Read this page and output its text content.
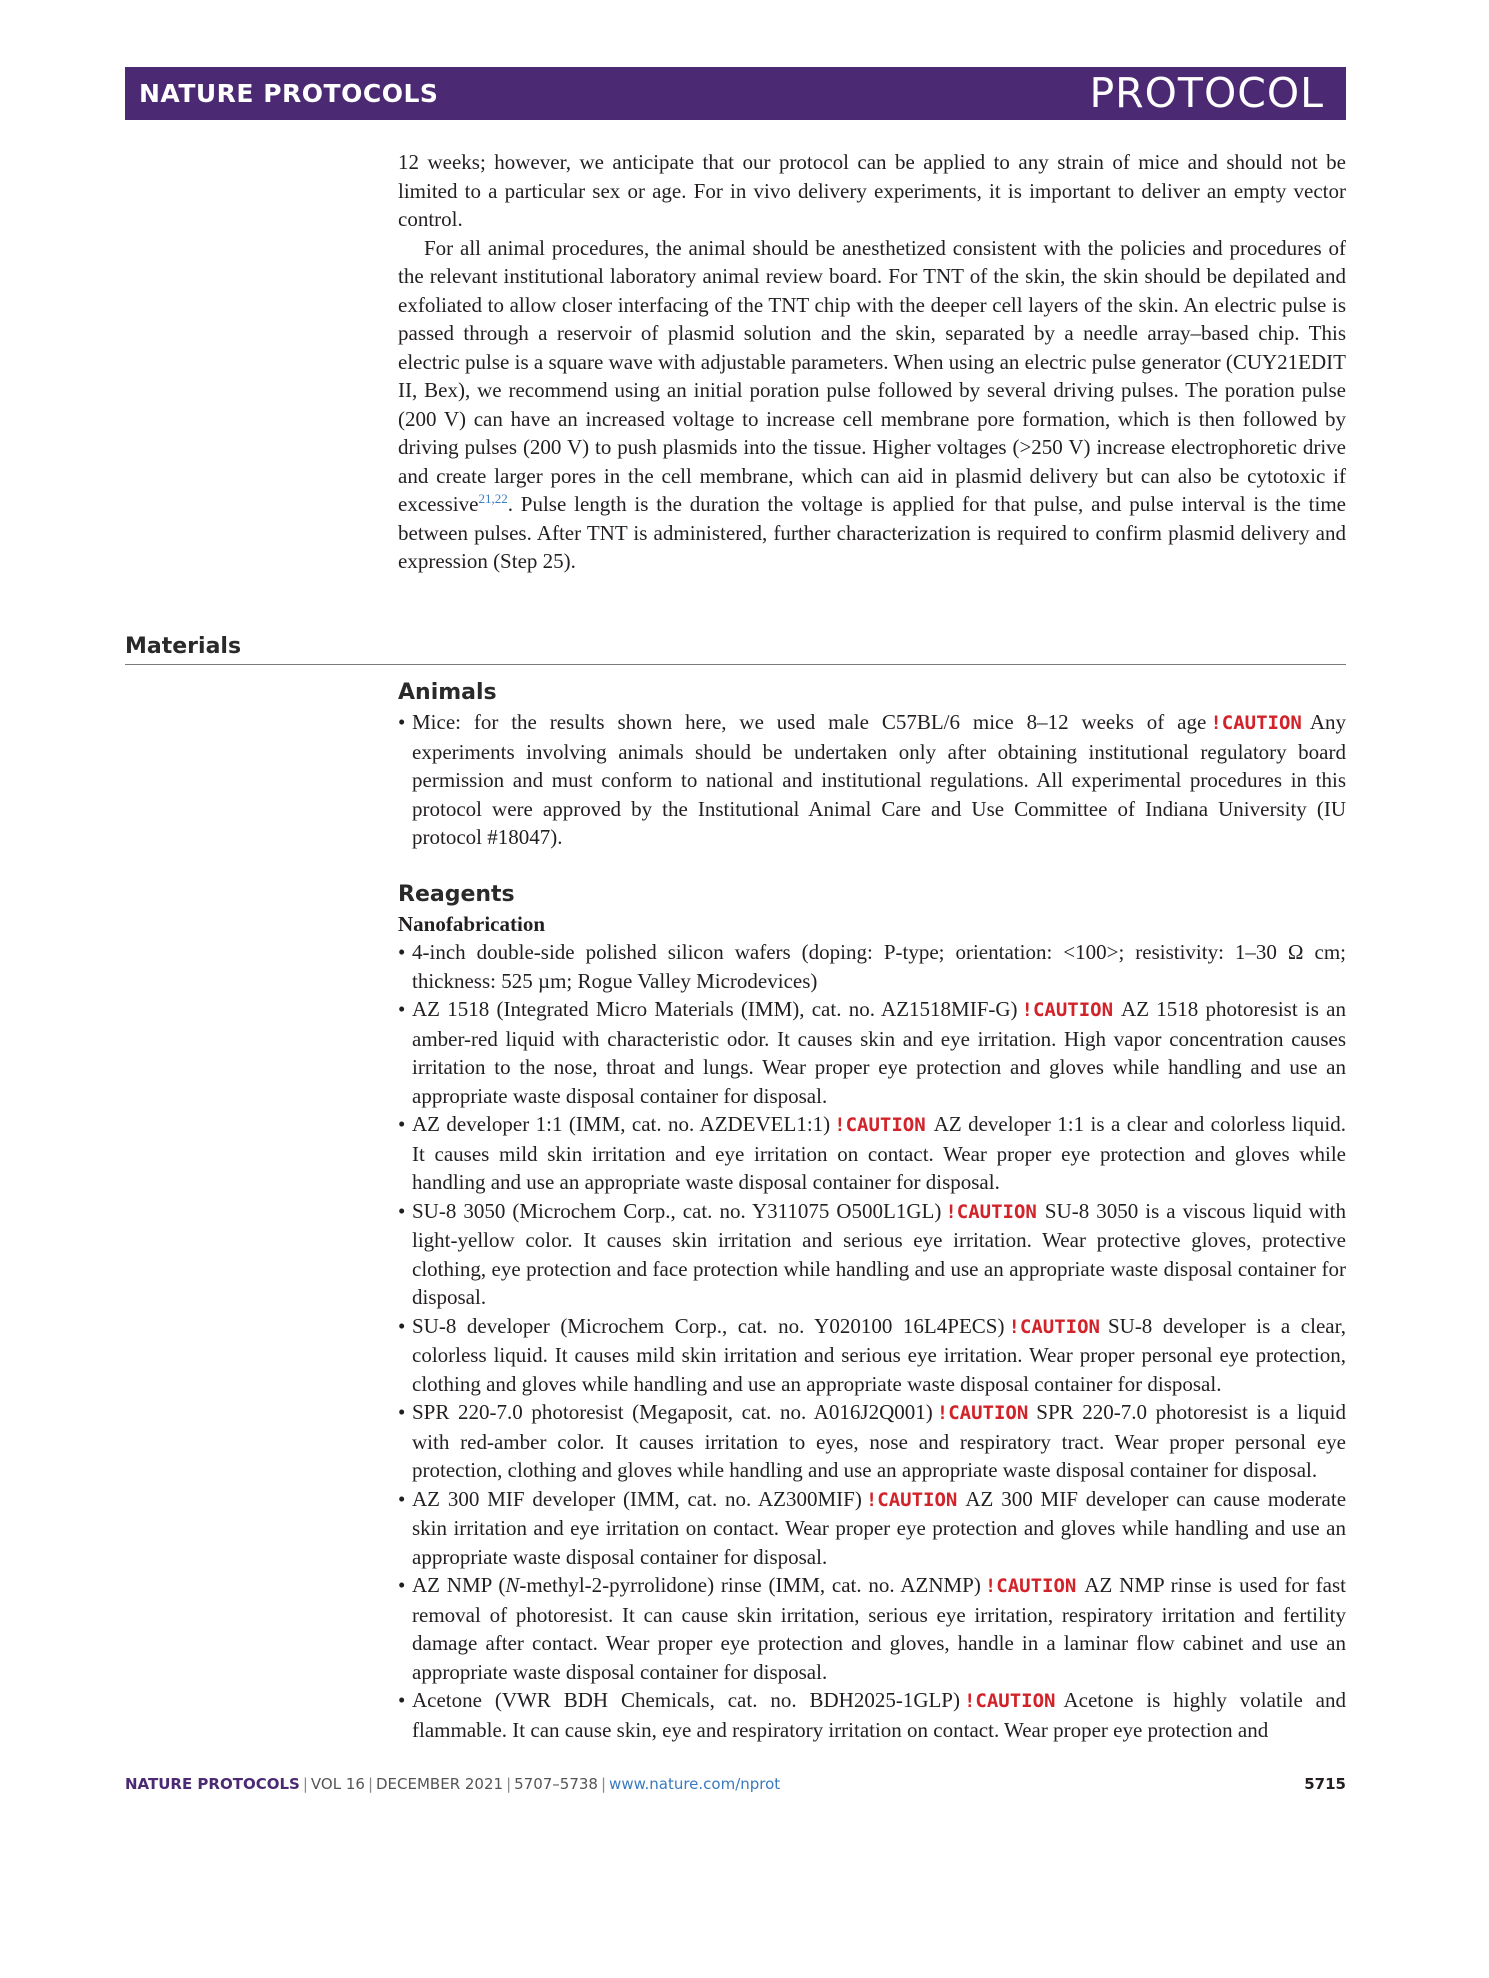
NATURE PROTOCOLS	PROTOCOL

12 weeks; however, we anticipate that our protocol can be applied to any strain of mice and should not be limited to a particular sex or age. For in vivo delivery experiments, it is important to deliver an empty vector control.

For all animal procedures, the animal should be anesthetized consistent with the policies and procedures of the relevant institutional laboratory animal review board. For TNT of the skin, the skin should be depilated and exfoliated to allow closer interfacing of the TNT chip with the deeper cell layers of the skin. An electric pulse is passed through a reservoir of plasmid solution and the skin, separated by a needle array–based chip. This electric pulse is a square wave with adjustable parameters. When using an electric pulse generator (CUY21EDIT II, Bex), we recommend using an initial poration pulse followed by several driving pulses. The poration pulse (200 V) can have an increased voltage to increase cell membrane pore formation, which is then followed by driving pulses (200 V) to push plasmids into the tissue. Higher voltages (>250 V) increase electrophoretic drive and create larger pores in the cell membrane, which can aid in plasmid delivery but can also be cytotoxic if excessive$^{21,22}$. Pulse length is the duration the voltage is applied for that pulse, and pulse interval is the time between pulses. After TNT is administered, further characterization is required to confirm plasmid delivery and expression (Step 25).

Materials
Animals
• Mice: for the results shown here, we used male C57BL/6 mice 8–12 weeks of age !CAUTION Any experiments involving animals should be undertaken only after obtaining institutional regulatory board permission and must conform to national and institutional regulations. All experimental procedures in this protocol were approved by the Institutional Animal Care and Use Committee of Indiana University (IU protocol #18047).
Reagents
Nanofabrication
• 4-inch double-side polished silicon wafers (doping: P-type; orientation: <100>; resistivity: 1–30 Ω cm; thickness: 525 µm; Rogue Valley Microdevices)
• AZ 1518 (Integrated Micro Materials (IMM), cat. no. AZ1518MIF-G) !CAUTION AZ 1518 photoresist is an amber-red liquid with characteristic odor. It causes skin and eye irritation. High vapor concentration causes irritation to the nose, throat and lungs. Wear proper eye protection and gloves while handling and use an appropriate waste disposal container for disposal.
• AZ developer 1:1 (IMM, cat. no. AZDEVEL1:1) !CAUTION AZ developer 1:1 is a clear and colorless liquid. It causes mild skin irritation and eye irritation on contact. Wear proper eye protection and gloves while handling and use an appropriate waste disposal container for disposal.
• SU-8 3050 (Microchem Corp., cat. no. Y311075 O500L1GL) !CAUTION SU-8 3050 is a viscous liquid with light-yellow color. It causes skin irritation and serious eye irritation. Wear protective gloves, protective clothing, eye protection and face protection while handling and use an appropriate waste disposal container for disposal.
• SU-8 developer (Microchem Corp., cat. no. Y020100 16L4PECS) !CAUTION SU-8 developer is a clear, colorless liquid. It causes mild skin irritation and serious eye irritation. Wear proper personal eye protection, clothing and gloves while handling and use an appropriate waste disposal container for disposal.
• SPR 220-7.0 photoresist (Megaposit, cat. no. A016J2Q001) !CAUTION SPR 220-7.0 photoresist is a liquid with red-amber color. It causes irritation to eyes, nose and respiratory tract. Wear proper personal eye protection, clothing and gloves while handling and use an appropriate waste disposal container for disposal.
• AZ 300 MIF developer (IMM, cat. no. AZ300MIF) !CAUTION AZ 300 MIF developer can cause moderate skin irritation and eye irritation on contact. Wear proper eye protection and gloves while handling and use an appropriate waste disposal container for disposal.
• AZ NMP (N-methyl-2-pyrrolidone) rinse (IMM, cat. no. AZNMP) !CAUTION AZ NMP rinse is used for fast removal of photoresist. It can cause skin irritation, serious eye irritation, respiratory irritation and fertility damage after contact. Wear proper eye protection and gloves, handle in a laminar flow cabinet and use an appropriate waste disposal container for disposal.
• Acetone (VWR BDH Chemicals, cat. no. BDH2025-1GLP) !CAUTION Acetone is highly volatile and flammable. It can cause skin, eye and respiratory irritation on contact. Wear proper eye protection and
NATURE PROTOCOLS | VOL 16 | DECEMBER 2021 | 5707–5738 | www.nature.com/nprot	5715
